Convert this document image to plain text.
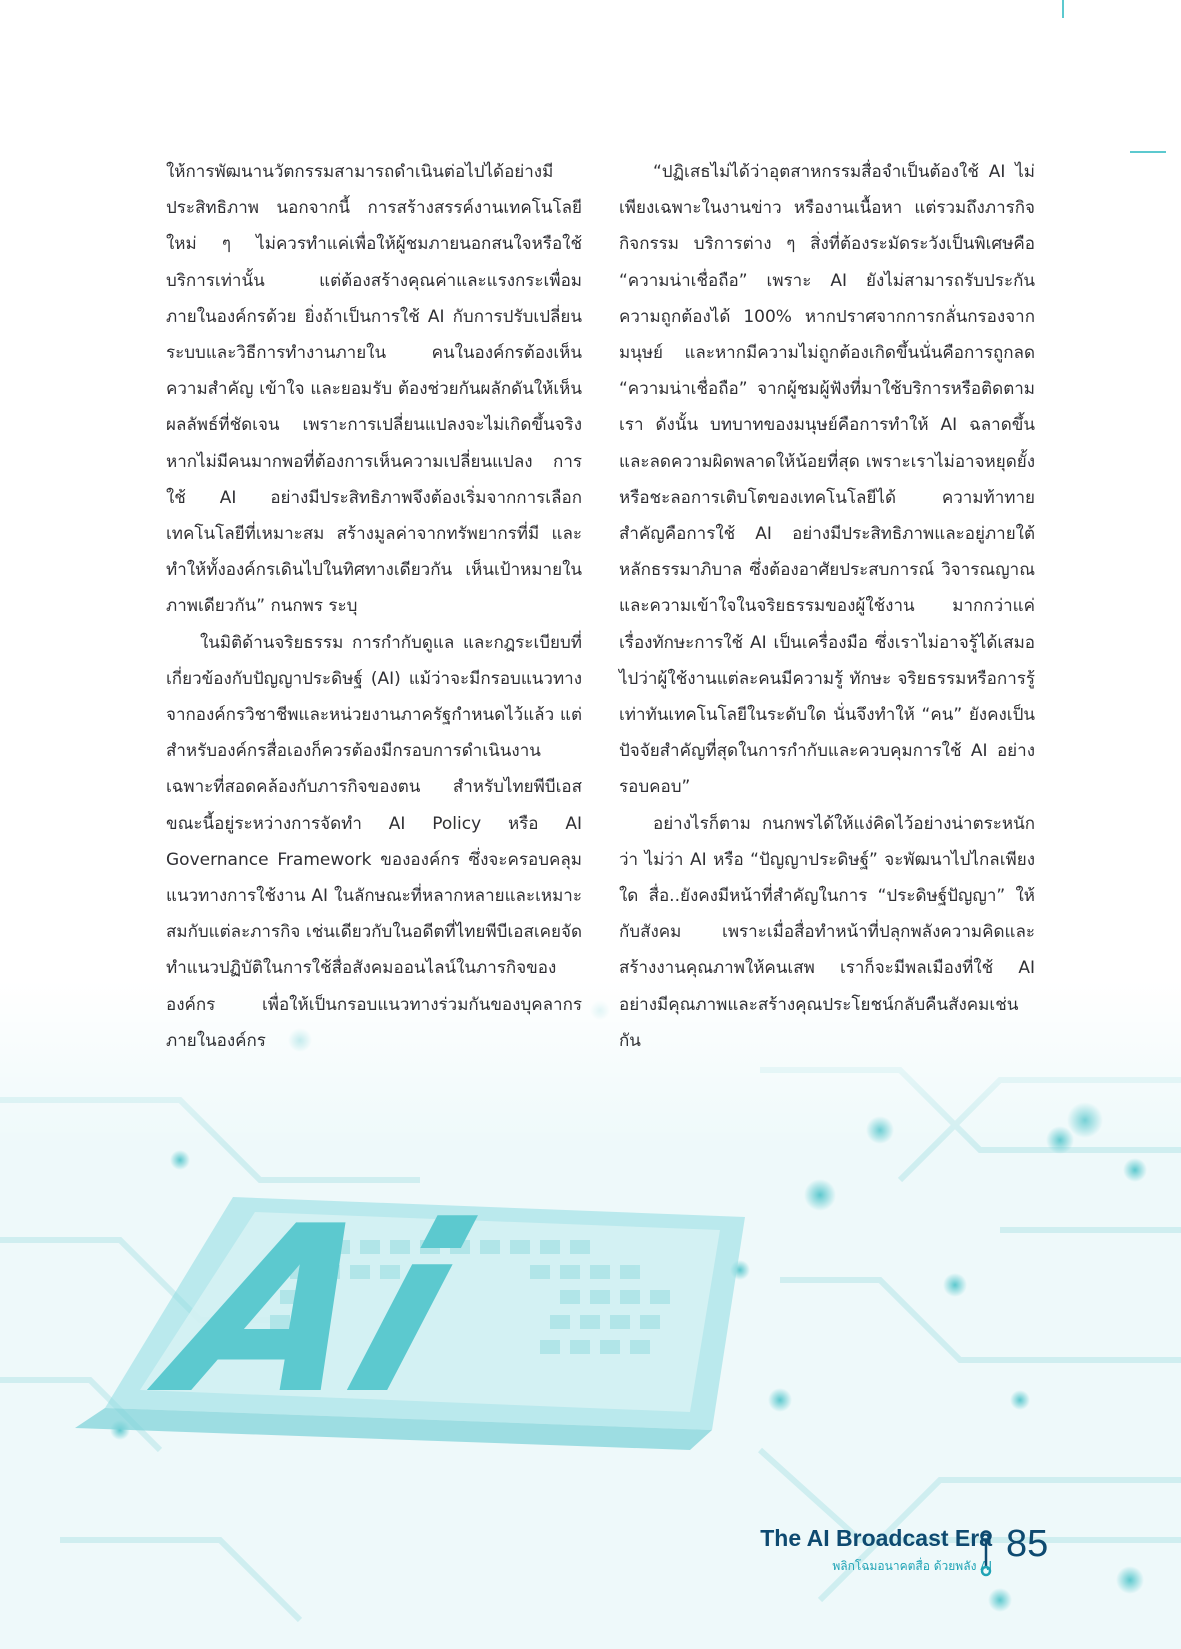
ให้การพัฒนานวัตกรรมสามารถดำเนินต่อไปได้อย่างมีประสิทธิภาพ นอกจากนี้ การสร้างสรรค์งานเทคโนโลยีใหม่ ๆ ไม่ควรทำแค่เพื่อให้ผู้ชมภายนอกสนใจหรือใช้บริการเท่านั้น แต่ต้องสร้างคุณค่าและแรงกระเพื่อมภายในองค์กรด้วย ยิ่งถ้าเป็นการใช้ AI กับการปรับเปลี่ยนระบบและวิธีการทำงานภายใน คนในองค์กรต้องเห็นความสำคัญ เข้าใจ และยอมรับ ต้องช่วยกันผลักดันให้เห็นผลลัพธ์ที่ชัดเจน เพราะการเปลี่ยนแปลงจะไม่เกิดขึ้นจริง หากไม่มีคนมากพอที่ต้องการเห็นความเปลี่ยนแปลง การใช้ AI อย่างมีประสิทธิภาพจึงต้องเริ่มจากการเลือกเทคโนโลยีที่เหมาะสม สร้างมูลค่าจากทรัพยากรที่มี และทำให้ทั้งองค์กรเดินไปในทิศทางเดียวกัน เห็นเป้าหมายในภาพเดียวกัน” กนกพร ระบุ

ในมิติด้านจริยธรรม การกำกับดูแล และกฎระเบียบที่เกี่ยวข้องกับปัญญาประดิษฐ์ (AI) แม้ว่าจะมีกรอบแนวทางจากองค์กรวิชาชีพและหน่วยงานภาครัฐกำหนดไว้แล้ว แต่สำหรับองค์กรสื่อเองก็ควรต้องมีกรอบการดำเนินงานเฉพาะที่สอดคล้องกับภารกิจของตน สำหรับไทยพีบีเอส ขณะนี้อยู่ระหว่างการจัดทำ AI Policy หรือ AI Governance Framework ขององค์กร ซึ่งจะครอบคลุมแนวทางการใช้งาน AI ในลักษณะที่หลากหลายและเหมาะสมกับแต่ละภารกิจ เช่นเดียวกับในอดีตที่ไทยพีบีเอสเคยจัดทำแนวปฏิบัติในการใช้สื่อสังคมออนไลน์ในภารกิจขององค์กร เพื่อให้เป็นกรอบแนวทางร่วมกันของบุคลากรภายในองค์กร

“ปฏิเสธไม่ได้ว่าอุตสาหกรรมสื่อจำเป็นต้องใช้ AI ไม่เพียงเฉพาะในงานข่าว หรืองานเนื้อหา แต่รวมถึงภารกิจ กิจกรรม บริการต่าง ๆ สิ่งที่ต้องระมัดระวังเป็นพิเศษคือ “ความน่าเชื่อถือ” เพราะ AI ยังไม่สามารถรับประกันความถูกต้องได้ 100% หากปราศจากการกลั่นกรองจากมนุษย์ และหากมีความไม่ถูกต้องเกิดขึ้นนั่นคือการถูกลด “ความน่าเชื่อถือ” จากผู้ชมผู้ฟังที่มาใช้บริการหรือติดตามเรา ดังนั้น บทบาทของมนุษย์คือการทำให้ AI ฉลาดขึ้นและลดความผิดพลาดให้น้อยที่สุด เพราะเราไม่อาจหยุดยั้งหรือชะลอการเติบโตของเทคโนโลยีได้ ความท้าทายสำคัญคือการใช้ AI อย่างมีประสิทธิภาพและอยู่ภายใต้หลักธรรมาภิบาล ซึ่งต้องอาศัยประสบการณ์ วิจารณญาณ และความเข้าใจในจริยธรรมของผู้ใช้งาน มากกว่าแค่เรื่องทักษะการใช้ AI เป็นเครื่องมือ ซึ่งเราไม่อาจรู้ได้เสมอไปว่าผู้ใช้งานแต่ละคนมีความรู้ ทักษะ จริยธรรมหรือการรู้เท่าทันเทคโนโลยีในระดับใด นั่นจึงทำให้ “คน” ยังคงเป็นปัจจัยสำคัญที่สุดในการกำกับและควบคุมการใช้ AI อย่างรอบคอบ”

อย่างไรก็ตาม กนกพรได้ให้แง่คิดไว้อย่างน่าตระหนักว่า ไม่ว่า AI หรือ “ปัญญาประดิษฐ์” จะพัฒนาไปไกลเพียงใด สื่อ..ยังคงมีหน้าที่สำคัญในการ “ประดิษฐ์ปัญญา” ให้กับสังคม เพราะเมื่อสื่อทำหน้าที่ปลุกพลังความคิดและสร้างงานคุณภาพให้คนเสพ เราก็จะมีพลเมืองที่ใช้ AI อย่างมีคุณภาพและสร้างคุณประโยชน์กลับคืนสังคมเช่นกัน

The AI Broadcast Era
พลิกโฉมอนาคตสื่อ ด้วยพลัง AI
85
